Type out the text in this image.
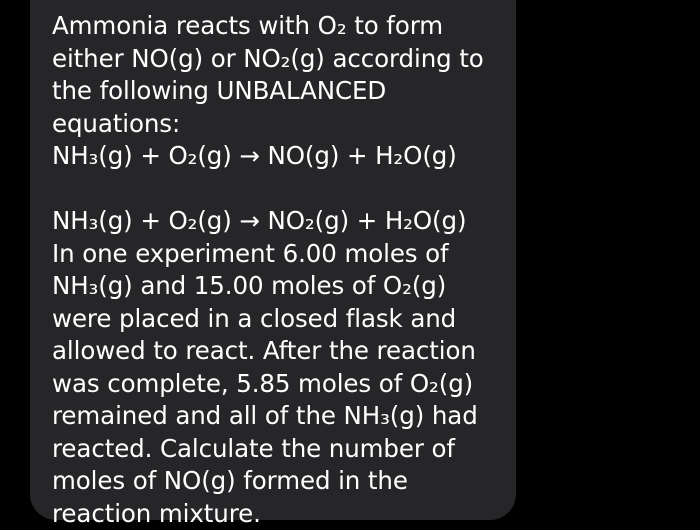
Ammonia reacts with O₂ to form
either NO(g) or NO₂(g) according to
the following UNBALANCED
equations:
NH₃(g) + O₂(g) → NO(g) + H₂O(g)
NH₃(g) + O₂(g) → NO₂(g) + H₂O(g)
In one experiment 6.00 moles of
NH₃(g) and 15.00 moles of O₂(g)
were placed in a closed flask and
allowed to react. After the reaction
was complete, 5.85 moles of O₂(g)
remained and all of the NH₃(g) had
reacted. Calculate the number of
moles of NO(g) formed in the
reaction mixture.
